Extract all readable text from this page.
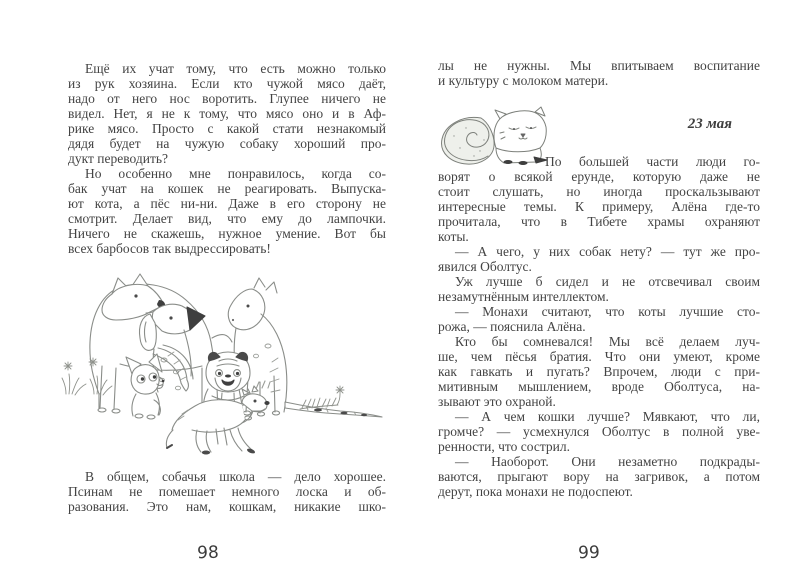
Ещё их учат тому, что есть можно только
из рук хозяина. Если кто чужой мясо даёт,
надо от него нос воротить. Глупее ничего не
видел. Нет, я не к тому, что мясо оно и в Аф-
рике мясо. Просто с какой стати незнакомый
дядя будет на чужую собаку хороший про-
дукт переводить?
Но особенно мне понравилось, когда со-
бак учат на кошек не реагировать. Выпуска-
ют кота, а пёс ни-ни. Даже в его сторону не
смотрит. Делает вид, что ему до лампочки.
Ничего не скажешь, нужное умение. Вот бы
всех барбосов так выдрессировать!
В общем, собачья школа — дело хорошее.
Псинам не помешает немного лоска и об-
разования. Это нам, кошкам, никакие шко-
98
лы не нужны. Мы впитываем воспитание
и культуру с молоком матери.
23 мая
По большей части люди го-
ворят о всякой ерунде, которую даже не
стоит слушать, но иногда проскальзывают
интересные темы. К примеру, Алёна где-то
прочитала, что в Тибете храмы охраняют
коты.
— А чего, у них собак нету? — тут же про-
явился Оболтус.
Уж лучше б сидел и не отсвечивал своим
незамутнённым интеллектом.
— Монахи считают, что коты лучшие сто-
рожа, — пояснила Алёна.
Кто бы сомневался! Мы всё делаем луч-
ше, чем пёсья братия. Что они умеют, кроме
как гавкать и пугать? Впрочем, люди с при-
митивным мышлением, вроде Оболтуса, на-
зывают это охраной.
— А чем кошки лучше? Мявкают, что ли,
громче? — усмехнулся Оболтус в полной уве-
ренности, что сострил.
— Наоборот. Они незаметно подкрады-
ваются, прыгают вору на загривок, а потом
дерут, пока монахи не подоспеют.
99
